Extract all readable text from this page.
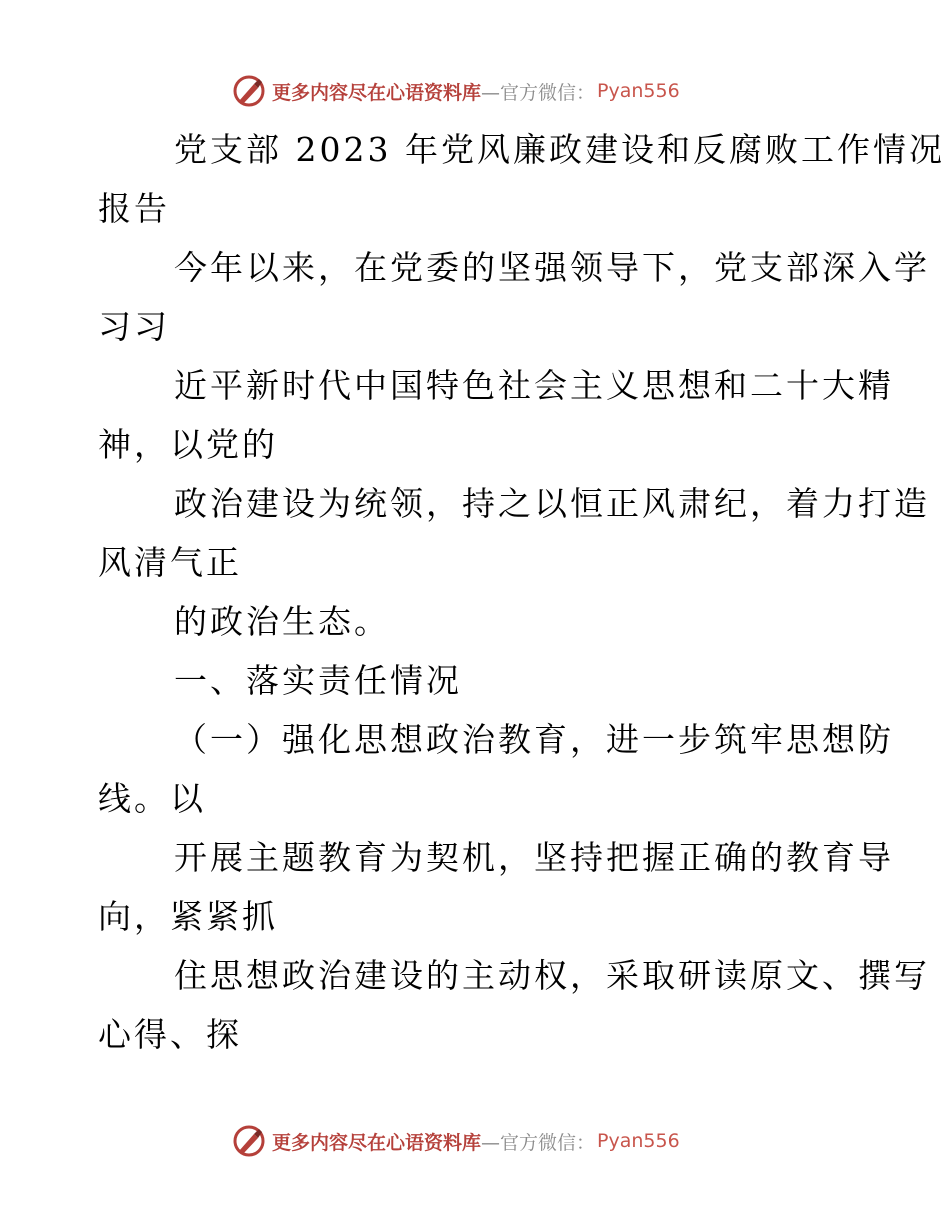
更多内容尽在心语资料库 —官方微信： Pyan556
党支部 2023 年党风廉政建设和反腐败工作情况
报告
今年以来，在党委的坚强领导下，党支部深入学
习习
近平新时代中国特色社会主义思想和二十大精
神，以党的
政治建设为统领，持之以恒正风肃纪，着力打造
风清气正
的政治生态。
一、落实责任情况
（一）强化思想政治教育，进一步筑牢思想防
线。以
开展主题教育为契机，坚持把握正确的教育导
向，紧紧抓
住思想政治建设的主动权，采取研读原文、撰写
心得、探
更多内容尽在心语资料库 —官方微信： Pyan556
